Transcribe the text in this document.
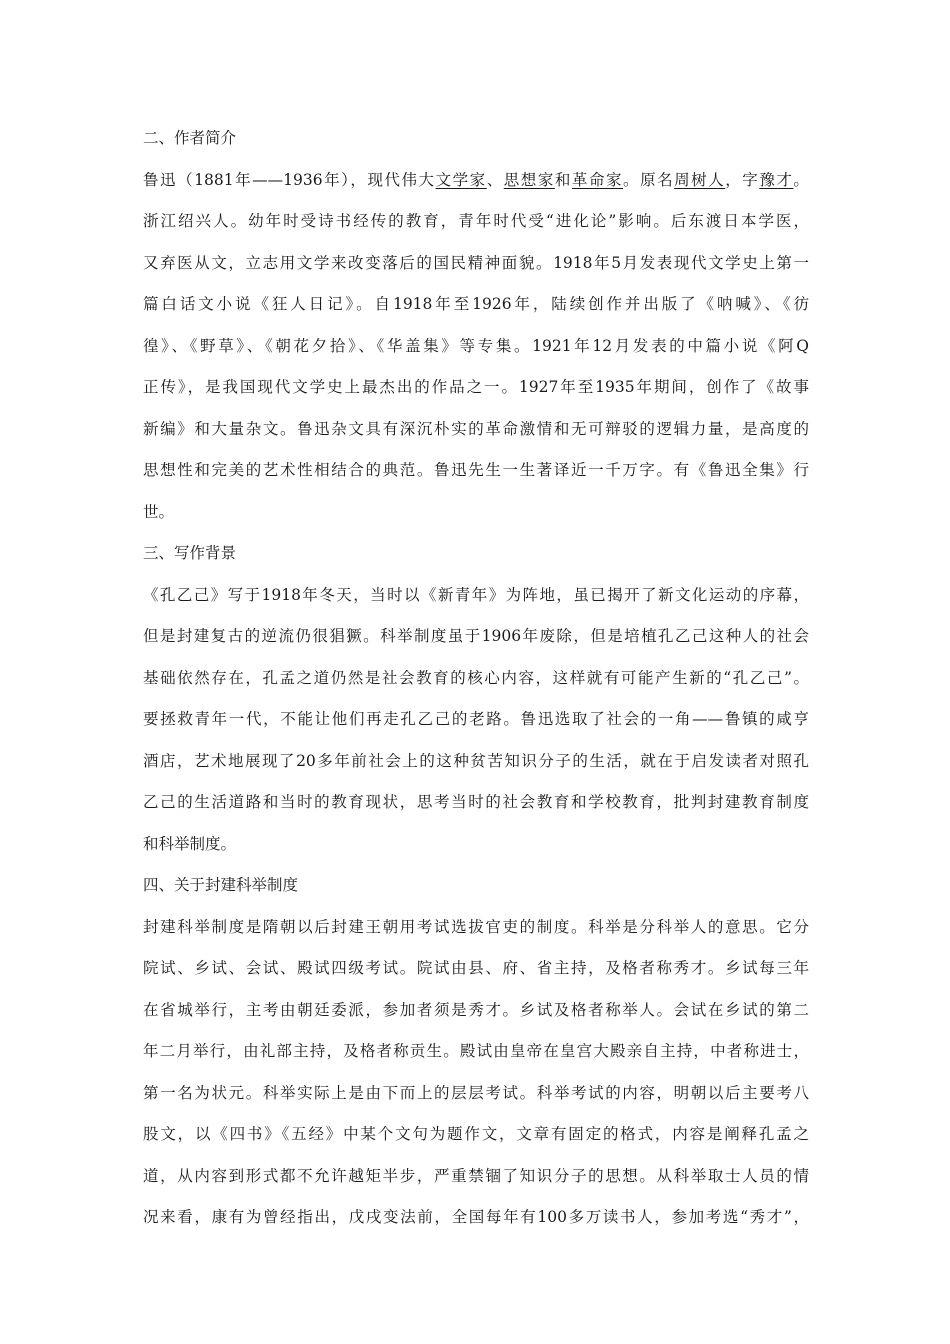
二、作者简介
鲁迅（1881年——1936年），现代伟大文学家、思想家和革命家。原名周树人，字豫才。
浙江绍兴人。幼年时受诗书经传的教育，青年时代受“进化论”影响。后东渡日本学医，
又弃医从文，立志用文学来改变落后的国民精神面貌。1918年5月发表现代文学史上第一
篇白话文小说《狂人日记》。自1918年至1926年，陆续创作并出版了《呐喊》、《彷
徨》、《野草》、《朝花夕拾》、《华盖集》等专集。1921年12月发表的中篇小说《阿Q
正传》，是我国现代文学史上最杰出的作品之一。1927年至1935年期间，创作了《故事
新编》和大量杂文。鲁迅杂文具有深沉朴实的革命激情和无可辩驳的逻辑力量，是高度的
思想性和完美的艺术性相结合的典范。鲁迅先生一生著译近一千万字。有《鲁迅全集》行
世。
三、写作背景
《孔乙己》写于1918年冬天，当时以《新青年》为阵地，虽已揭开了新文化运动的序幕，
但是封建复古的逆流仍很猖獗。科举制度虽于1906年废除，但是培植孔乙己这种人的社会
基础依然存在，孔孟之道仍然是社会教育的核心内容，这样就有可能产生新的“孔乙己”。
要拯救青年一代，不能让他们再走孔乙己的老路。鲁迅选取了社会的一角——鲁镇的咸亨
酒店，艺术地展现了20多年前社会上的这种贫苦知识分子的生活，就在于启发读者对照孔
乙己的生活道路和当时的教育现状，思考当时的社会教育和学校教育，批判封建教育制度
和科举制度。
四、关于封建科举制度
封建科举制度是隋朝以后封建王朝用考试选拔官吏的制度。科举是分科举人的意思。它分
院试、乡试、会试、殿试四级考试。院试由县、府、省主持，及格者称秀才。乡试每三年
在省城举行，主考由朝廷委派，参加者须是秀才。乡试及格者称举人。会试在乡试的第二
年二月举行，由礼部主持，及格者称贡生。殿试由皇帝在皇宫大殿亲自主持，中者称进士，
第一名为状元。科举实际上是由下而上的层层考试。科举考试的内容，明朝以后主要考八
股文，以《四书》《五经》中某个文句为题作文，文章有固定的格式，内容是阐释孔孟之
道，从内容到形式都不允许越矩半步，严重禁锢了知识分子的思想。从科举取士人员的情
况来看，康有为曾经指出，戊戌变法前，全国每年有100多万读书人，参加考选“秀才”，
